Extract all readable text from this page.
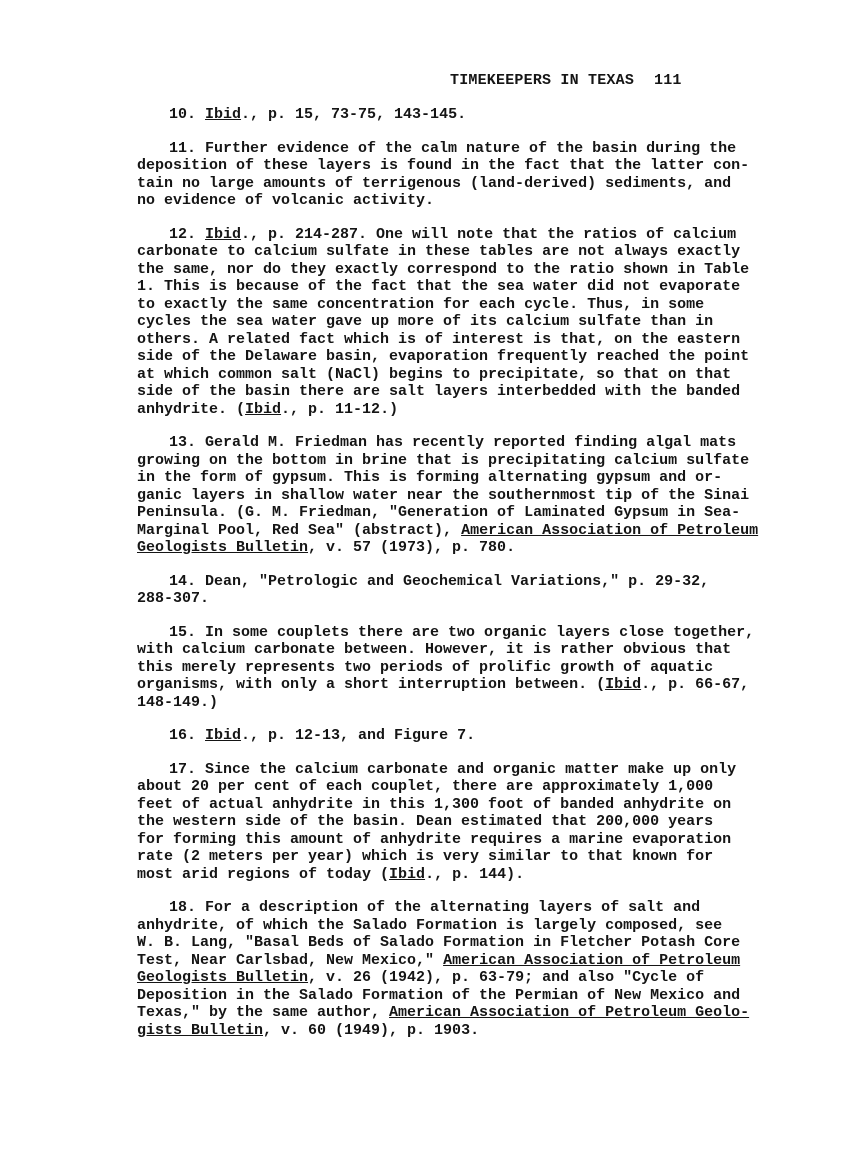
TIMEKEEPERS IN TEXAS 111
10. Ibid., p. 15, 73-75, 143-145.
11. Further evidence of the calm nature of the basin during the
deposition of these layers is found in the fact that the latter con-
tain no large amounts of terrigenous (land-derived) sediments, and
no evidence of volcanic activity.
12. Ibid., p. 214-287. One will note that the ratios of calcium
carbonate to calcium sulfate in these tables are not always exactly
the same, nor do they exactly correspond to the ratio shown in Table
1. This is because of the fact that the sea water did not evaporate
to exactly the same concentration for each cycle. Thus, in some
cycles the sea water gave up more of its calcium sulfate than in
others. A related fact which is of interest is that, on the eastern
side of the Delaware basin, evaporation frequently reached the point
at which common salt (NaCl) begins to precipitate, so that on that
side of the basin there are salt layers interbedded with the banded
anhydrite. (Ibid., p. 11-12.)
13. Gerald M. Friedman has recently reported finding algal mats
growing on the bottom in brine that is precipitating calcium sulfate
in the form of gypsum. This is forming alternating gypsum and or-
ganic layers in shallow water near the southernmost tip of the Sinai
Peninsula. (G. M. Friedman, "Generation of Laminated Gypsum in Sea-
Marginal Pool, Red Sea" (abstract), American Association of Petroleum
Geologists Bulletin, v. 57 (1973), p. 780.
14. Dean, "Petrologic and Geochemical Variations," p. 29-32,
288-307.
15. In some couplets there are two organic layers close together,
with calcium carbonate between. However, it is rather obvious that
this merely represents two periods of prolific growth of aquatic
organisms, with only a short interruption between. (Ibid., p. 66-67,
148-149.)
16. Ibid., p. 12-13, and Figure 7.
17. Since the calcium carbonate and organic matter make up only
about 20 per cent of each couplet, there are approximately 1,000
feet of actual anhydrite in this 1,300 foot of banded anhydrite on
the western side of the basin. Dean estimated that 200,000 years
for forming this amount of anhydrite requires a marine evaporation
rate (2 meters per year) which is very similar to that known for
most arid regions of today (Ibid., p. 144).
18. For a description of the alternating layers of salt and
anhydrite, of which the Salado Formation is largely composed, see
W. B. Lang, "Basal Beds of Salado Formation in Fletcher Potash Core
Test, Near Carlsbad, New Mexico," American Association of Petroleum
Geologists Bulletin, v. 26 (1942), p. 63-79; and also "Cycle of
Deposition in the Salado Formation of the Permian of New Mexico and
Texas," by the same author, American Association of Petroleum Geolo-
gists Bulletin, v. 60 (1949), p. 1903.
